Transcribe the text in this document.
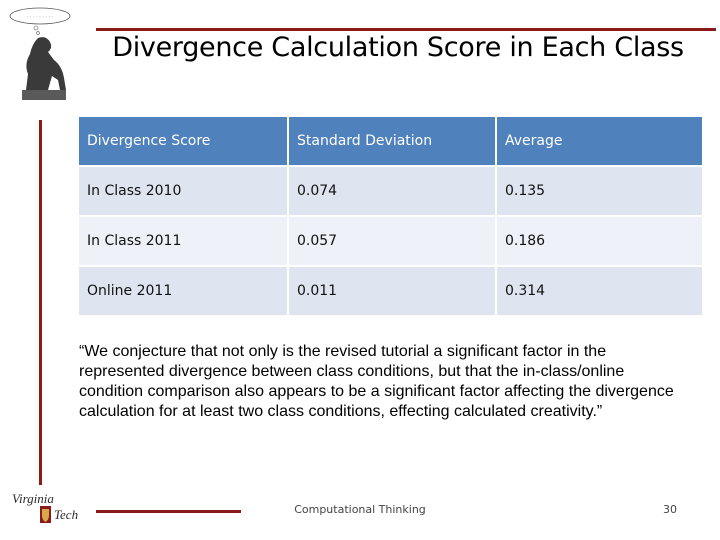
· · · · · · · · ·
Divergence Calculation Score in Each Class
Divergence Score	Standard Deviation	Average
In Class 2010	0.074	0.135
In Class 2011	0.057	0.186
Online 2011	0.011	0.314
“We conjecture that not only is the revised tutorial a significant factor in the represented divergence between class conditions, but that the in-class/online condition comparison also appears to be a significant factor affecting the divergence calculation for at least two class conditions, effecting calculated creativity.”
Virginia
Tech	Computational Thinking	30
